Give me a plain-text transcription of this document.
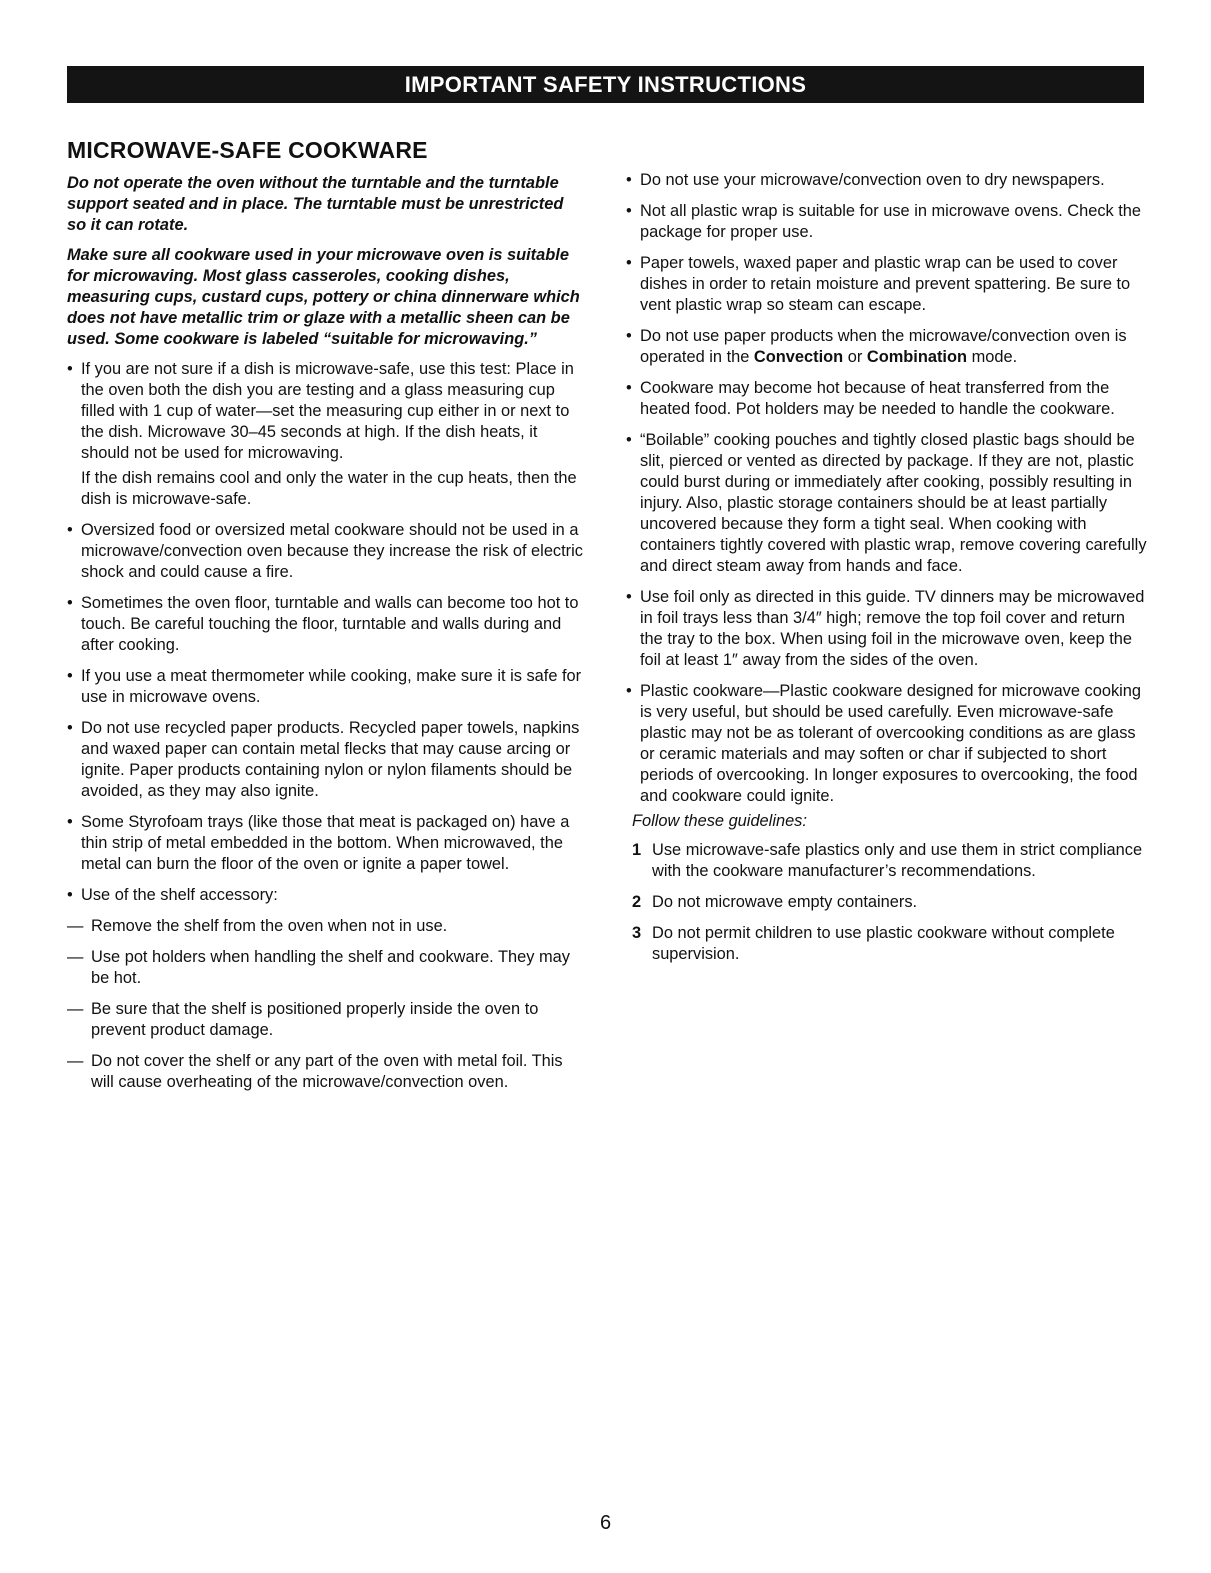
IMPORTANT SAFETY INSTRUCTIONS
MICROWAVE-SAFE COOKWARE

Do not operate the oven without the turntable and the turntable support seated and in place. The turntable must be unrestricted so it can rotate.

Make sure all cookware used in your microwave oven is suitable for microwaving. Most glass casseroles, cooking dishes, measuring cups, custard cups, pottery or china dinnerware which does not have metallic trim or glaze with a metallic sheen can be used. Some cookware is labeled “suitable for microwaving.”

• If you are not sure if a dish is microwave-safe, use this test: Place in the oven both the dish you are testing and a glass measuring cup filled with 1 cup of water—set the measuring cup either in or next to the dish. Microwave 30–45 seconds at high. If the dish heats, it should not be used for microwaving.
If the dish remains cool and only the water in the cup heats, then the dish is microwave-safe.
• Oversized food or oversized metal cookware should not be used in a microwave/convection oven because they increase the risk of electric shock and could cause a fire.
• Sometimes the oven floor, turntable and walls can become too hot to touch. Be careful touching the floor, turntable and walls during and after cooking.
• If you use a meat thermometer while cooking, make sure it is safe for use in microwave ovens.
• Do not use recycled paper products. Recycled paper towels, napkins and waxed paper can contain metal flecks that may cause arcing or ignite. Paper products containing nylon or nylon filaments should be avoided, as they may also ignite.
• Some Styrofoam trays (like those that meat is packaged on) have a thin strip of metal embedded in the bottom. When microwaved, the metal can burn the floor of the oven or ignite a paper towel.
• Use of the shelf accessory:
— Remove the shelf from the oven when not in use.
— Use pot holders when handling the shelf and cookware. They may be hot.
— Be sure that the shelf is positioned properly inside the oven to prevent product damage.
— Do not cover the shelf or any part of the oven with metal foil. This will cause overheating of the microwave/convection oven.
• Do not use your microwave/convection oven to dry newspapers.
• Not all plastic wrap is suitable for use in microwave ovens. Check the package for proper use.
• Paper towels, waxed paper and plastic wrap can be used to cover dishes in order to retain moisture and prevent spattering. Be sure to vent plastic wrap so steam can escape.
• Do not use paper products when the microwave/convection oven is operated in the Convection or Combination mode.
• Cookware may become hot because of heat transferred from the heated food. Pot holders may be needed to handle the cookware.
• “Boilable” cooking pouches and tightly closed plastic bags should be slit, pierced or vented as directed by package. If they are not, plastic could burst during or immediately after cooking, possibly resulting in injury. Also, plastic storage containers should be at least partially uncovered because they form a tight seal. When cooking with containers tightly covered with plastic wrap, remove covering carefully and direct steam away from hands and face.
• Use foil only as directed in this guide. TV dinners may be microwaved in foil trays less than 3/4″ high; remove the top foil cover and return the tray to the box. When using foil in the microwave oven, keep the foil at least 1″ away from the sides of the oven.
• Plastic cookware—Plastic cookware designed for microwave cooking is very useful, but should be used carefully. Even microwave-safe plastic may not be as tolerant of overcooking conditions as are glass or ceramic materials and may soften or char if subjected to short periods of overcooking. In longer exposures to overcooking, the food and cookware could ignite.
Follow these guidelines:
1 Use microwave-safe plastics only and use them in strict compliance with the cookware manufacturer’s recommendations.
2 Do not microwave empty containers.
3 Do not permit children to use plastic cookware without complete supervision.
6
